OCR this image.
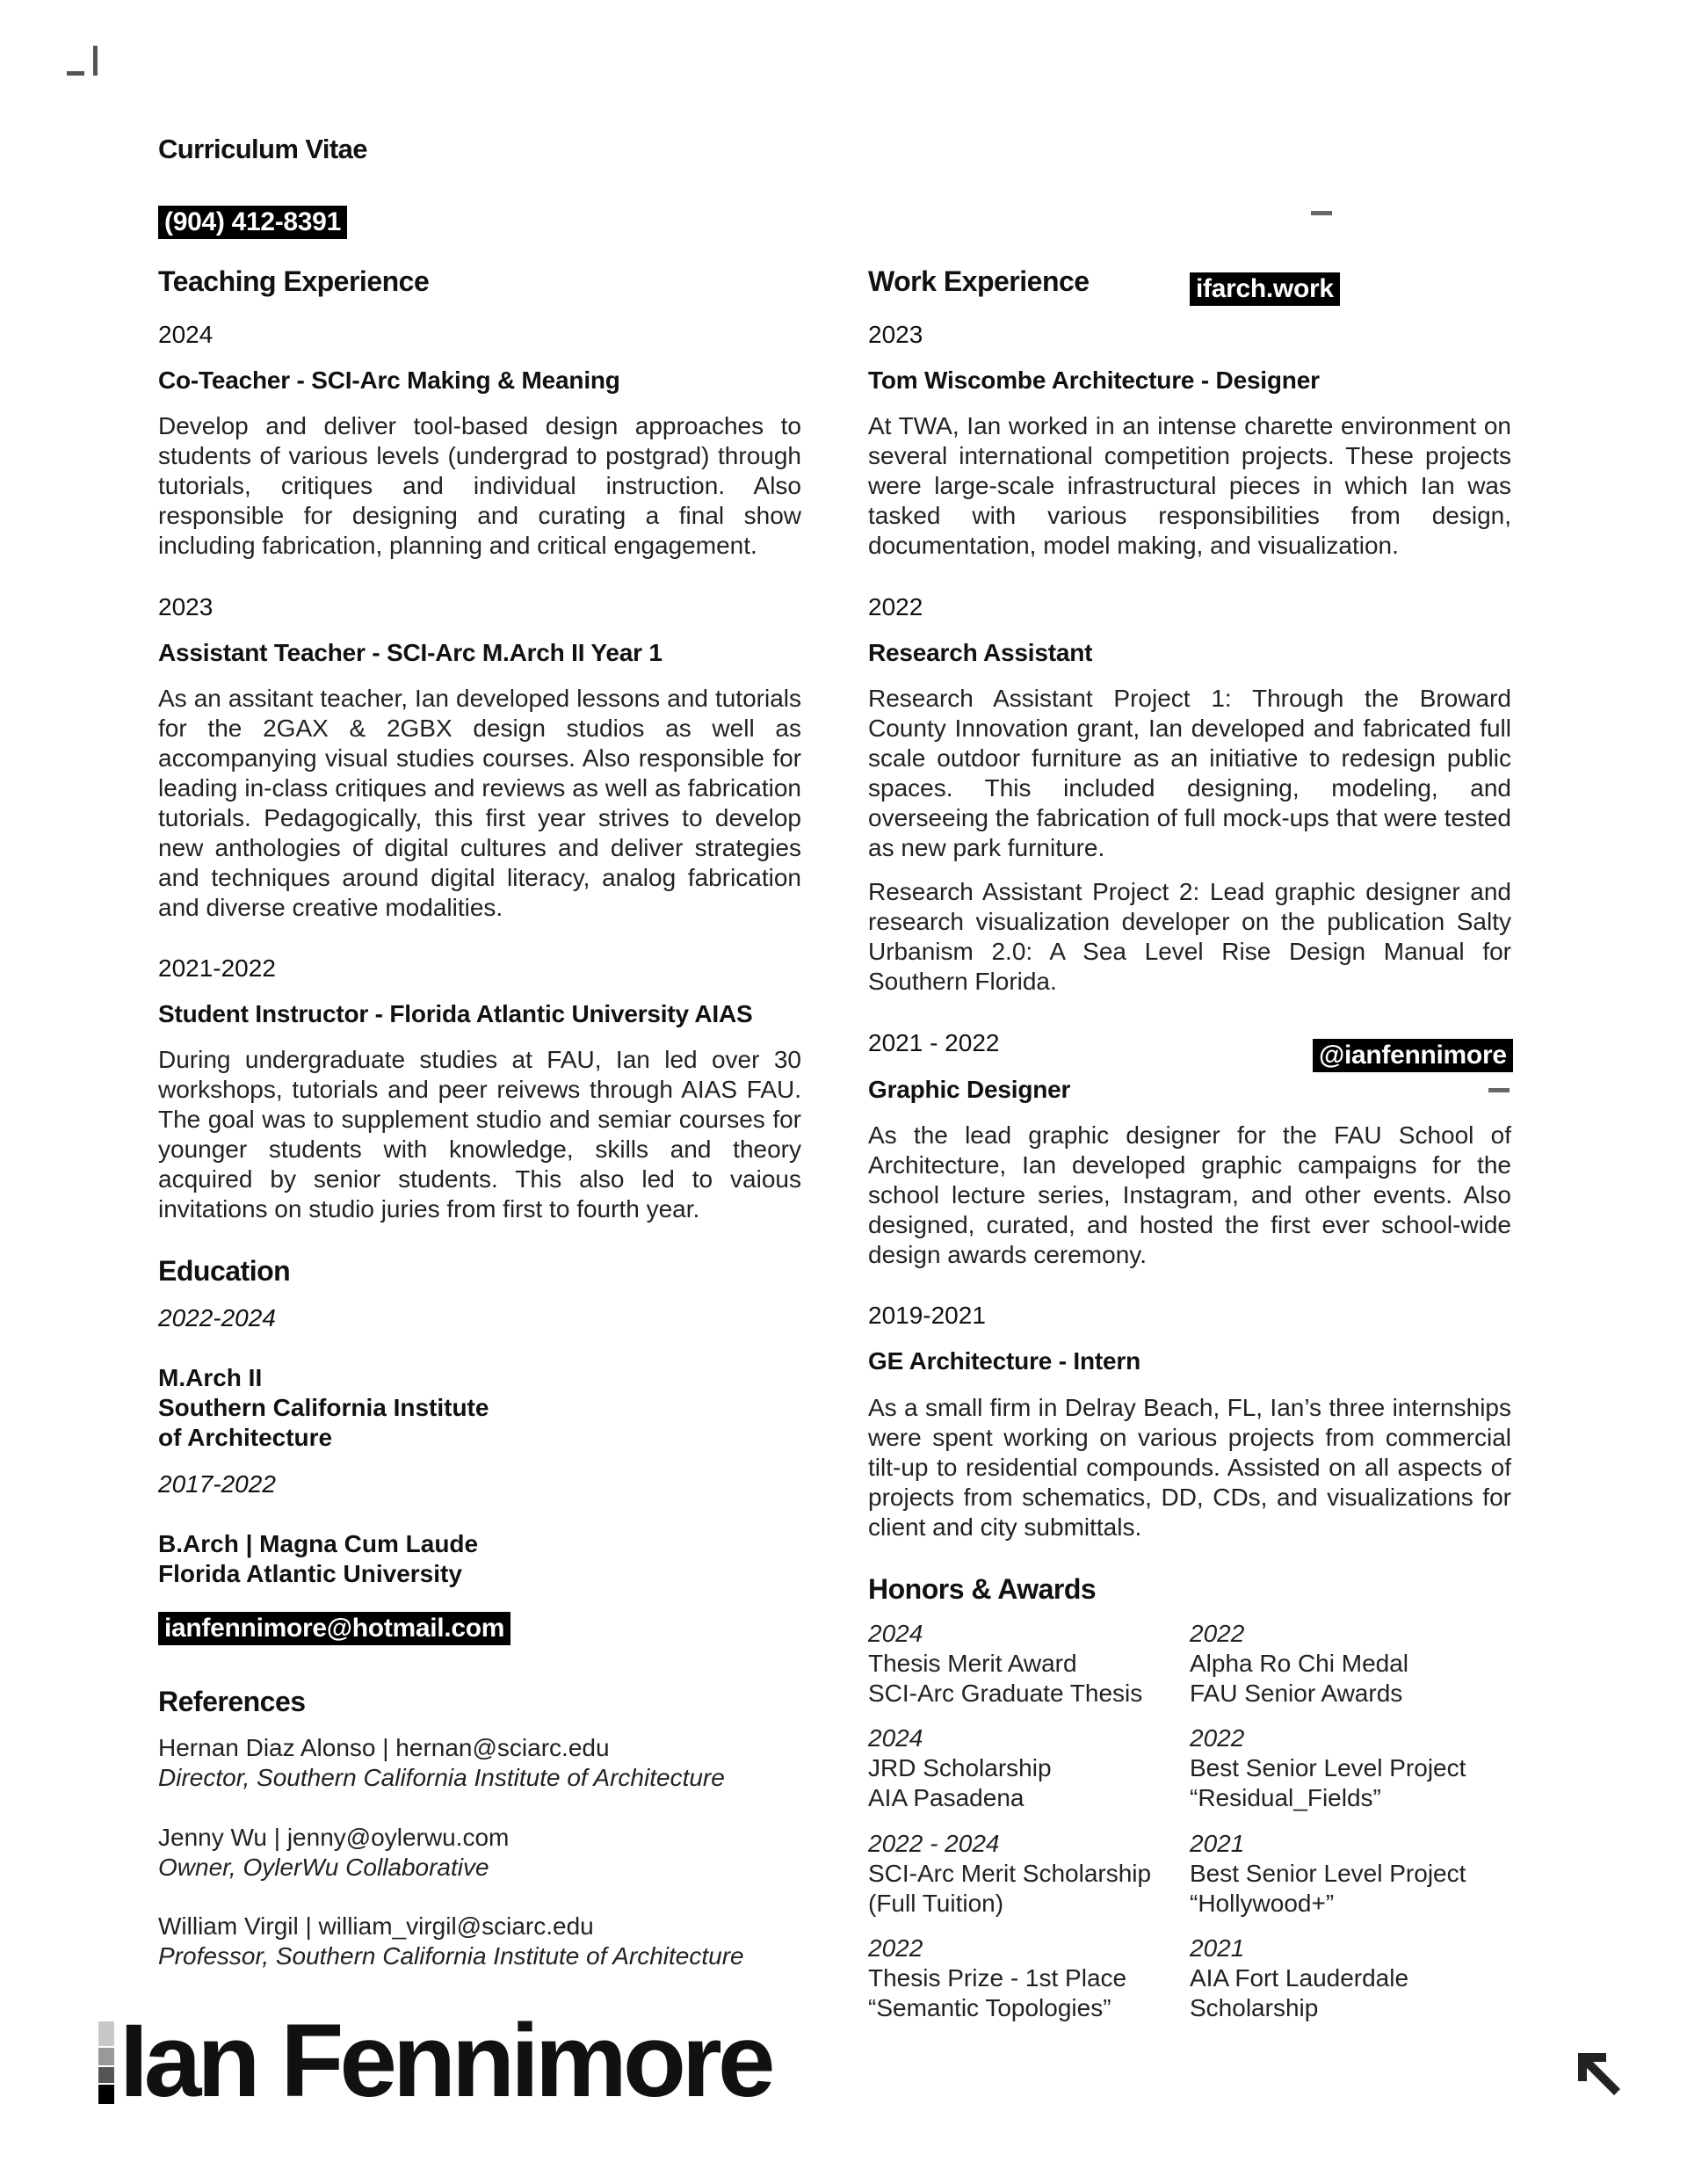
Curriculum Vitae
(904) 412-8391
ifarch.work
@ianfennimore
ianfennimore@hotmail.com
Teaching Experience
2024
Co-Teacher - SCI-Arc Making & Meaning
Develop and deliver tool-based design approaches to students of various levels (undergrad to postgrad) through tutorials, critiques and individual instruction. Also responsible for designing and curating a final show including fabrication, planning and critical engagement.
2023
Assistant Teacher - SCI-Arc M.Arch II Year 1
As an assitant teacher, Ian developed lessons and tutorials for the 2GAX & 2GBX design studios as well as accompanying visual studies courses. Also responsible for leading in-class critiques and reviews as well as fabrication tutorials. Pedagogically, this first year strives to develop new anthologies of digital cultures and deliver strategies and techniques around digital literacy, analog fabrication and diverse creative modalities.
2021-2022
Student Instructor - Florida Atlantic University AIAS
During undergraduate studies at FAU, Ian led over 30 workshops, tutorials and peer reivews through AIAS FAU. The goal was to supplement studio and semiar courses for younger students with knowledge, skills and theory acquired by senior students. This also led to vaious invitations on studio juries from first to fourth year.
Education
2022-2024
M.Arch II
Southern California Institute
of Architecture
2017-2022
B.Arch | Magna Cum Laude
Florida Atlantic University
References
Hernan Diaz Alonso | hernan@sciarc.edu
Director, Southern California Institute of Architecture
Jenny Wu | jenny@oylerwu.com
Owner, OylerWu Collaborative
William Virgil | william_virgil@sciarc.edu
Professor, Southern California Institute of Architecture
Work Experience
2023
Tom Wiscombe Architecture - Designer
At TWA, Ian worked in an intense charette environment on several international competition projects. These projects were large-scale infrastructural pieces in which Ian was tasked with various responsibilities from design, documentation, model making, and visualization.
2022
Research Assistant
Research Assistant Project 1: Through the Broward County Innovation grant, Ian developed and fabricated full scale outdoor furniture as an initiative to redesign public spaces. This included designing, modeling, and overseeing the fabrication of full mock-ups that were tested as new park furniture.
Research Assistant Project 2: Lead graphic designer and research visualization developer on the publication Salty Urbanism 2.0: A Sea Level Rise Design Manual for Southern Florida.
2021 - 2022
Graphic Designer
As the lead graphic designer for the FAU School of Architecture, Ian developed graphic campaigns for the school lecture series, Instagram, and other events. Also designed, curated, and hosted the first ever school-wide design awards ceremony.
2019-2021
GE Architecture - Intern
As a small firm in Delray Beach, FL, Ian’s three internships were spent working on various projects from commercial tilt-up to residential compounds. Assisted on all aspects of projects from schematics, DD, CDs, and visualizations for client and city submittals.
Honors & Awards
2024
Thesis Merit Award
SCI-Arc Graduate Thesis
2022
Alpha Ro Chi Medal
FAU Senior Awards
2024
JRD Scholarship
AIA Pasadena
2022
Best Senior Level Project
“Residual_Fields”
2022 - 2024
SCI-Arc Merit Scholarship
(Full Tuition)
2021
Best Senior Level Project
“Hollywood+”
2022
Thesis Prize - 1st Place
“Semantic Topologies”
2021
AIA Fort Lauderdale
Scholarship
Ian Fennimore
